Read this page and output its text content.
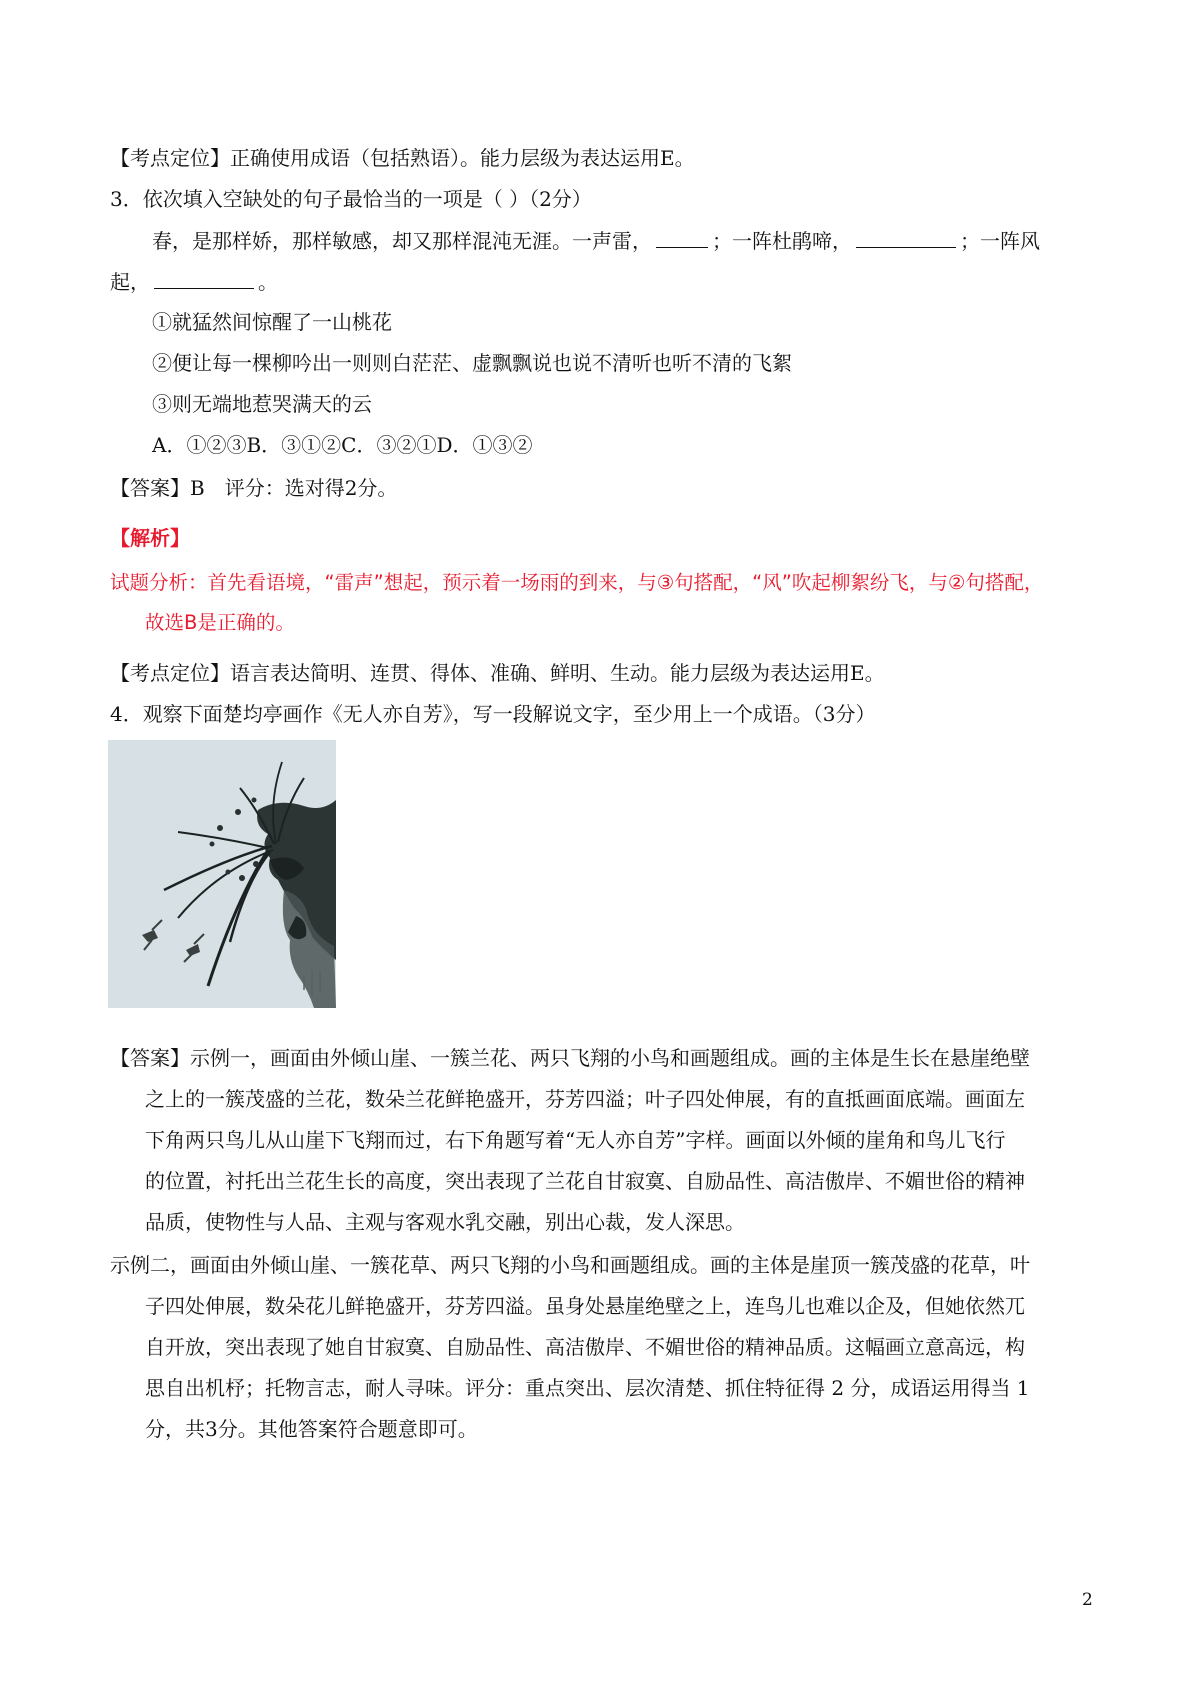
【考点定位】正确使用成语（包括熟语）。能力层级为表达运用E。
3．依次填入空缺处的句子最恰当的一项是（ ）（2分）
春，是那样娇，那样敏感，却又那样混沌无涯。一声雷，	；一阵杜鹃啼，	；一阵风
起，	。
①就猛然间惊醒了一山桃花
②便让每一棵柳吟出一则则白茫茫、虚飘飘说也说不清听也听不清的飞絮
③则无端地惹哭满天的云
A．①②③B．③①②C．③②①D．①③②
【答案】B　评分：选对得2分。
【解析】
试题分析：首先看语境，“雷声”想起，预示着一场雨的到来，与③句搭配，“风”吹起柳絮纷飞，与②句搭配，
故选B是正确的。
【考点定位】语言表达简明、连贯、得体、准确、鲜明、生动。能力层级为表达运用E。
4．观察下面楚均亭画作《无人亦自芳》，写一段解说文字，至少用上一个成语。（3分）
【答案】示例一，画面由外倾山崖、一簇兰花、两只飞翔的小鸟和画题组成。画的主体是生长在悬崖绝壁
之上的一簇茂盛的兰花，数朵兰花鲜艳盛开，芬芳四溢；叶子四处伸展，有的直抵画面底端。画面左
下角两只鸟儿从山崖下飞翔而过，右下角题写着“无人亦自芳”字样。画面以外倾的崖角和鸟儿飞行
的位置，衬托出兰花生长的高度，突出表现了兰花自甘寂寞、自励品性、高洁傲岸、不媚世俗的精神
品质，使物性与人品、主观与客观水乳交融，别出心裁，发人深思。
示例二，画面由外倾山崖、一簇花草、两只飞翔的小鸟和画题组成。画的主体是崖顶一簇茂盛的花草，叶
子四处伸展，数朵花儿鲜艳盛开，芬芳四溢。虽身处悬崖绝壁之上，连鸟儿也难以企及，但她依然兀
自开放，突出表现了她自甘寂寞、自励品性、高洁傲岸、不媚世俗的精神品质。这幅画立意高远，构
思自出机杼；托物言志，耐人寻味。评分：重点突出、层次清楚、抓住特征得 2 分，成语运用得当 1
分，共3分。其他答案符合题意即可。
2
